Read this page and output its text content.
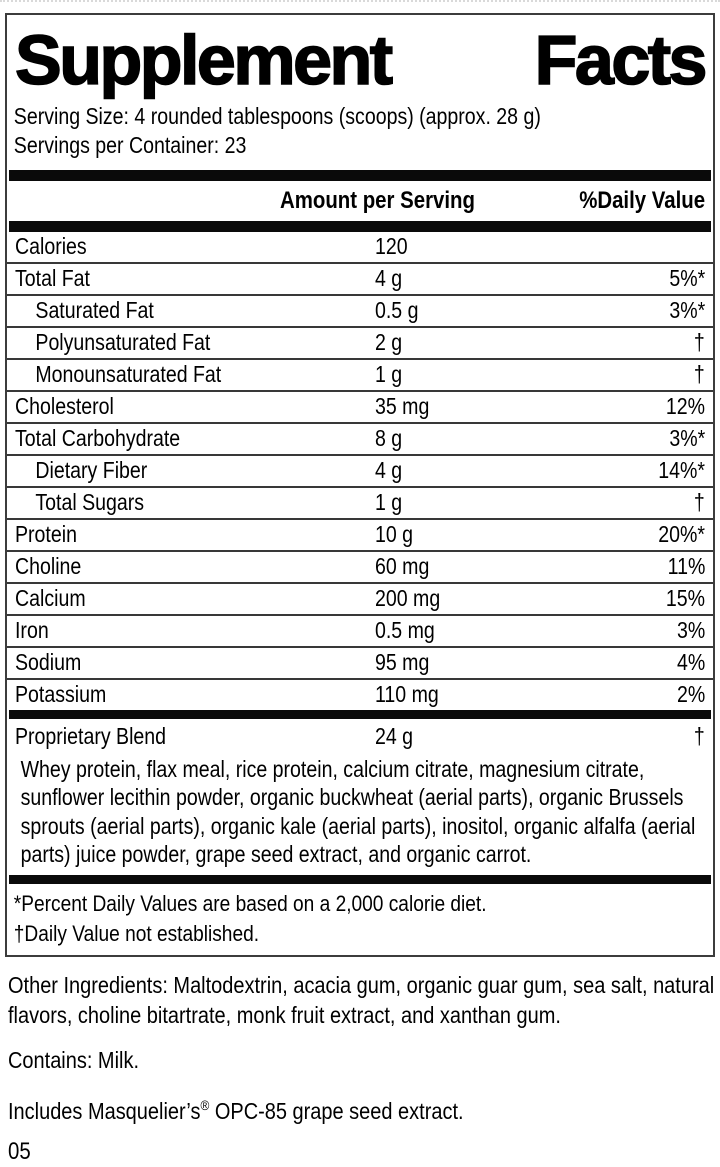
Supplement Facts
Serving Size: 4 rounded tablespoons (scoops) (approx. 28 g)
Servings per Container: 23
Amount per Serving	%Daily Value
Calories	120
Total Fat	4 g	5%*
Saturated Fat	0.5 g	3%*
Polyunsaturated Fat	2 g	†
Monounsaturated Fat	1 g	†
Cholesterol	35 mg	12%
Total Carbohydrate	8 g	3%*
Dietary Fiber	4 g	14%*
Total Sugars	1 g	†
Protein	10 g	20%*
Choline	60 mg	11%
Calcium	200 mg	15%
Iron	0.5 mg	3%
Sodium	95 mg	4%
Potassium	110 mg	2%
Proprietary Blend	24 g	†
Whey protein, flax meal, rice protein, calcium citrate, magnesium citrate, sunflower lecithin powder, organic buckwheat (aerial parts), organic Brussels sprouts (aerial parts), organic kale (aerial parts), inositol, organic alfalfa (aerial parts) juice powder, grape seed extract, and organic carrot.
*Percent Daily Values are based on a 2,000 calorie diet.
†Daily Value not established.

Other Ingredients: Maltodextrin, acacia gum, organic guar gum, sea salt, natural flavors, choline bitartrate, monk fruit extract, and xanthan gum.

Contains: Milk.

Includes Masquelier’s® OPC-85 grape seed extract.

05
